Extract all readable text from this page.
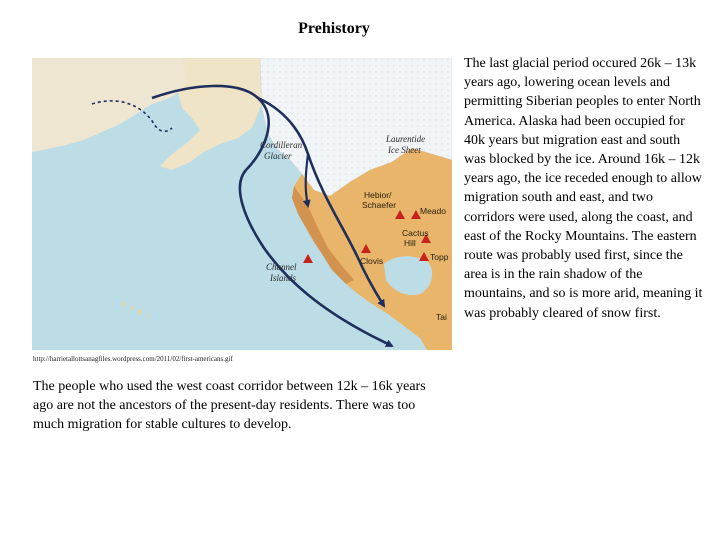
Prehistory
Cordilleran
Glacier
Laurentide
Ice Sheet
Channel
Islands
Hebior/
Schaefer
Meado
Cactus
Hill
Clovis	Topp
Tai
http://harrietallottsanagfiles.wordpress.com/2011/02/first-americans.gif
The people who used the west coast corridor between 12k – 16k years ago are not the ancestors of the present-day residents. There was too much migration for stable cultures to develop.
The last glacial period occured 26k – 13k years ago, lowering ocean levels and permitting Siberian peoples to enter North America. Alaska had been occupied for 40k years but migration east and south was blocked by the ice. Around 16k – 12k years ago, the ice receded enough to allow migration south and east, and two corridors were used, along the coast, and east of the Rocky Mountains. The eastern route was probably used first, since the area is in the rain shadow of the mountains, and so is more arid, meaning it was probably cleared of snow first.
